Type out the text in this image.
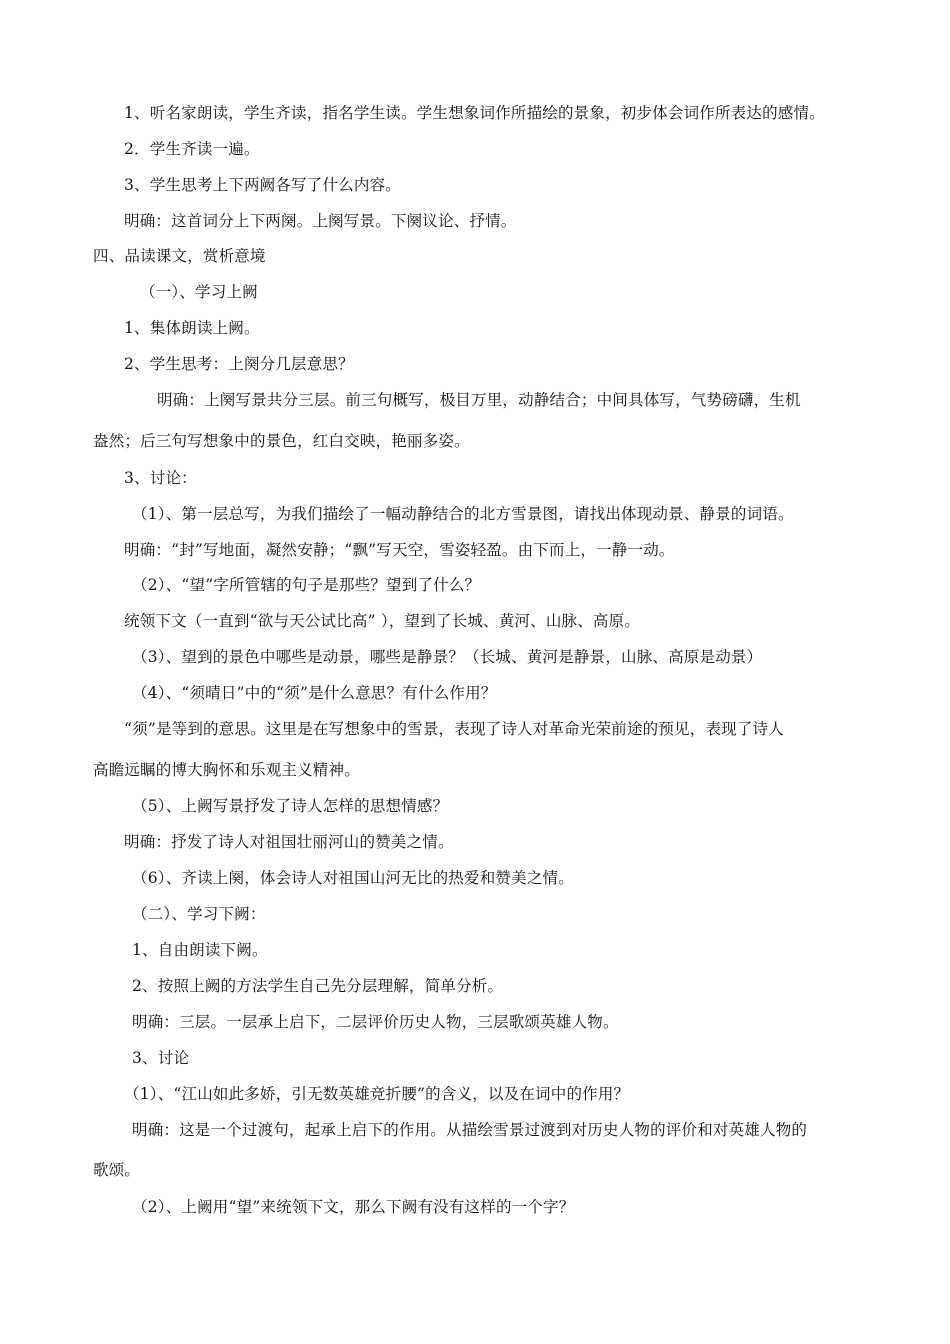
1、听名家朗读，学生齐读，指名学生读。学生想象词作所描绘的景象，初步体会词作所表达的感情。
2．学生齐读一遍。
3、学生思考上下两阙各写了什么内容。
明确：这首词分上下两阕。上阕写景。下阕议论、抒情。
四、品读课文，赏析意境
（一）、学习上阙
1、集体朗读上阙。
2、学生思考：上阕分几层意思？
明确：上阕写景共分三层。前三句概写，极目万里，动静结合；中间具体写，气势磅礴，生机
盎然；后三句写想象中的景色，红白交映，艳丽多姿。
3、讨论：
（1）、第一层总写，为我们描绘了一幅动静结合的北方雪景图，请找出体现动景、静景的词语。
明确：“封”写地面，凝然安静；“飘”写天空，雪姿轻盈。由下而上，一静一动。
（2）、“望”字所管辖的句子是那些？望到了什么？
统领下文（一直到“欲与天公试比高” ），望到了长城、黄河、山脉、高原。
（3）、望到的景色中哪些是动景，哪些是静景？（长城、黄河是静景，山脉、高原是动景）
（4）、“须晴日”中的“须”是什么意思？有什么作用？
“须”是等到的意思。这里是在写想象中的雪景，表现了诗人对革命光荣前途的预见，表现了诗人
高瞻远瞩的博大胸怀和乐观主义精神。
（5）、上阙写景抒发了诗人怎样的思想情感？
明确：抒发了诗人对祖国壮丽河山的赞美之情。
（6）、齐读上阕，体会诗人对祖国山河无比的热爱和赞美之情。
（二）、学习下阙：
1、自由朗读下阙。
2、按照上阙的方法学生自己先分层理解，简单分析。
明确：三层。一层承上启下，二层评价历史人物，三层歌颂英雄人物。
3、讨论
（1）、“江山如此多娇，引无数英雄竞折腰”的含义，以及在词中的作用？
明确：这是一个过渡句，起承上启下的作用。从描绘雪景过渡到对历史人物的评价和对英雄人物的
歌颂。
（2）、上阙用“望”来统领下文，那么下阙有没有这样的一个字？
